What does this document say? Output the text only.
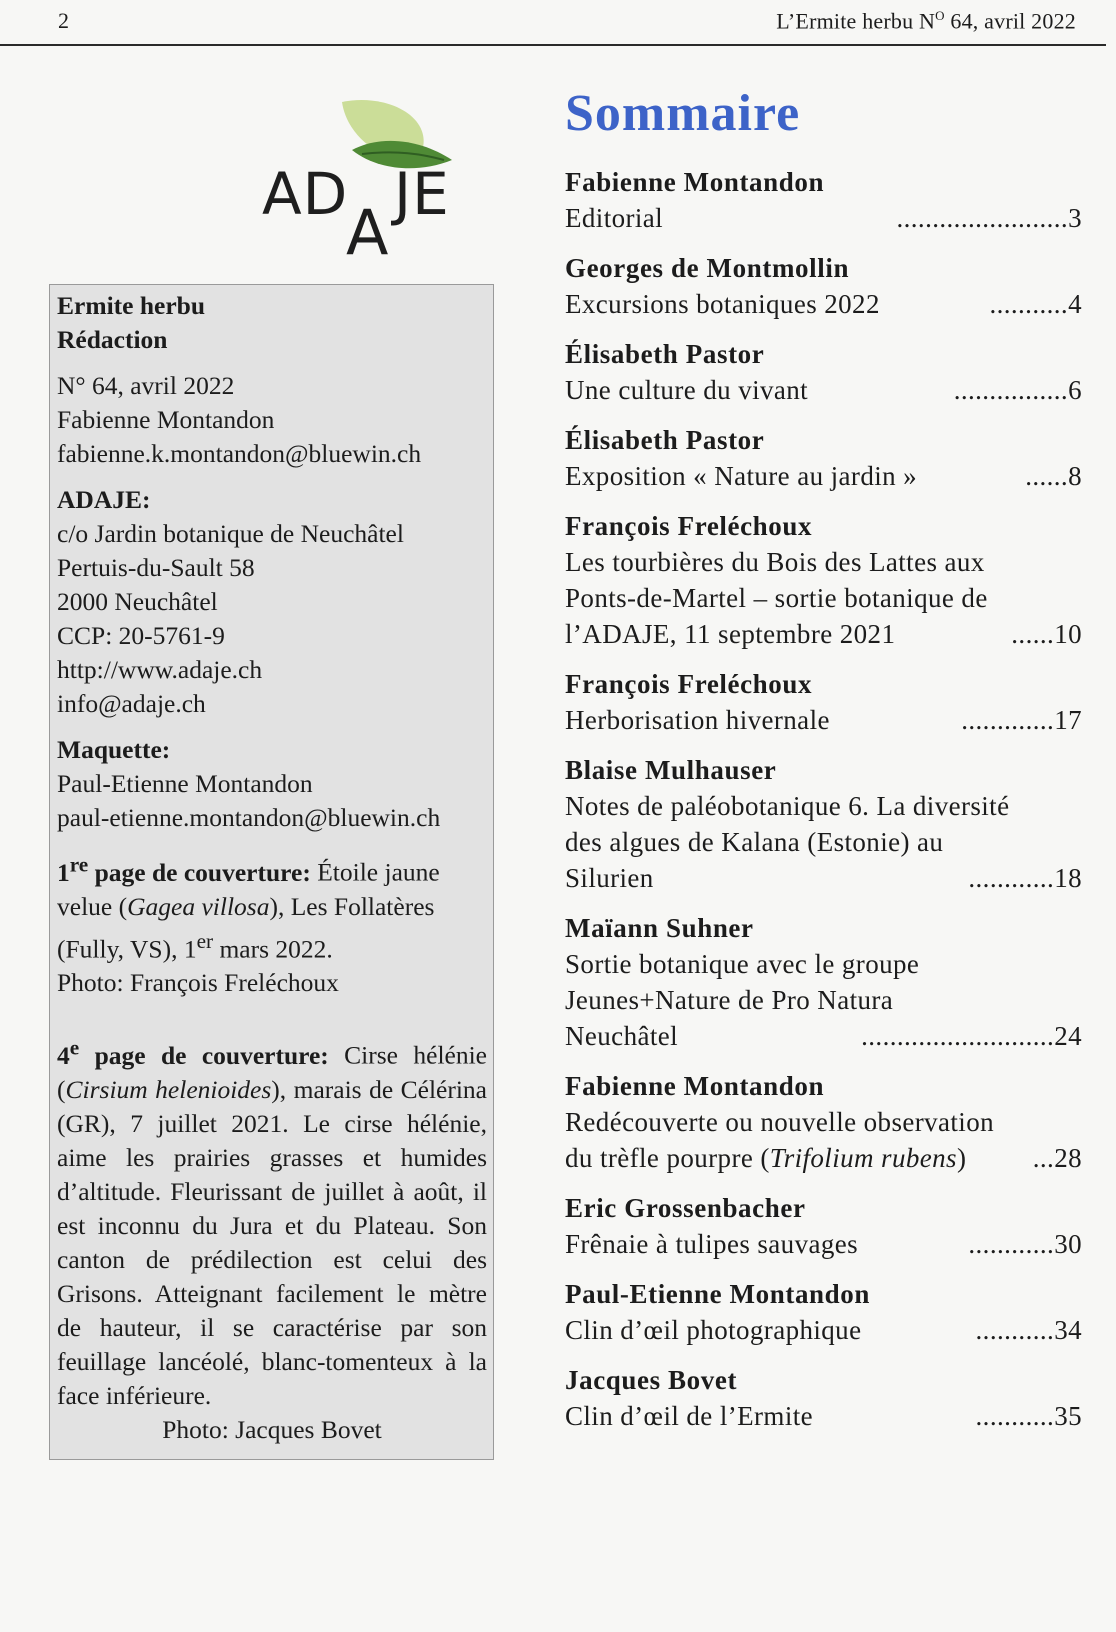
2	L’Ermite herbu $N^O$ 64, avril 2022
AD JE
A
Ermite herbu
Rédaction
N° 64, avril 2022
Fabienne Montandon
fabienne.k.montandon@bluewin.ch
ADAJE:
c/o Jardin botanique de Neuchâtel
Pertuis-du-Sault 58
2000 Neuchâtel
CCP: 20-5761-9
http://www.adaje.ch
info@adaje.ch
Maquette:
Paul-Etienne Montandon
paul-etienne.montandon@bluewin.ch
1re page de couverture: Étoile jaune velue (Gagea villosa), Les Follatères (Fully, VS), 1er mars 2022.
Photo: François Freléchoux
4e page de couverture: Cirse hélénie (Cirsium helenioides), marais de Célérina (GR), 7 juillet 2021. Le cirse hélénie, aime les prairies grasses et humides d’altitude. Fleurissant de juillet à août, il est inconnu du Jura et du Plateau. Son canton de prédilection est celui des Grisons. Atteignant facilement le mètre de hauteur, il se caractérise par son feuillage lancéolé, blanc-tomenteux à la face inférieure.
Photo: Jacques Bovet
Sommaire
Fabienne Montandon
Editorial	........................ 3
Georges de Montmollin
Excursions botaniques 2022	........... 4
Élisabeth Pastor
Une culture du vivant	................ 6
Élisabeth Pastor
Exposition « Nature au jardin »	...... 8
François Freléchoux
Les tourbières du Bois des Lattes aux
Ponts-de-Martel – sortie botanique de
l’ADAJE, 11 septembre 2021	...... 10
François Freléchoux
Herborisation hivernale	............. 17
Blaise Mulhauser
Notes de paléobotanique 6. La diversité
des algues de Kalana (Estonie) au
Silurien	............ 18
Maïann Suhner
Sortie botanique avec le groupe
Jeunes+Nature de Pro Natura
Neuchâtel	........................... 24
Fabienne Montandon
Redécouverte ou nouvelle observation
du trèfle pourpre (Trifolium rubens)	... 28
Eric Grossenbacher
Frênaie à tulipes sauvages	............ 30
Paul-Etienne Montandon
Clin d’œil photographique	........... 34
Jacques Bovet
Clin d’œil de l’Ermite	........... 35
